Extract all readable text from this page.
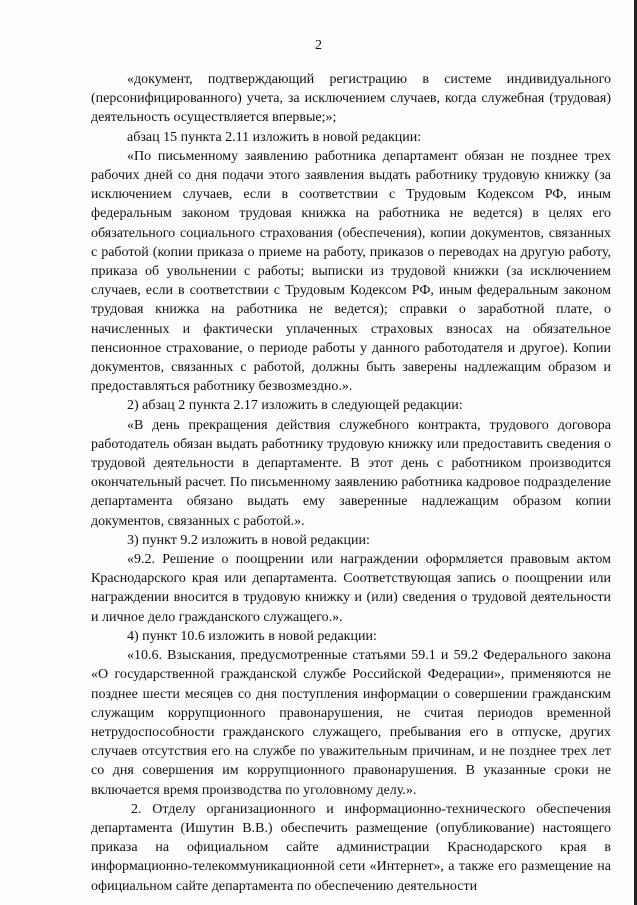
2

«документ, подтверждающий регистрацию в системе индивидуального (персонифицированного) учета, за исключением случаев, когда служебная (трудовая) деятельность осуществляется впервые;»;

абзац 15 пункта 2.11 изложить в новой редакции:

«По письменному заявлению работника департамент обязан не позднее трех рабочих дней со дня подачи этого заявления выдать работнику трудовую книжку (за исключением случаев, если в соответствии с Трудовым Кодексом РФ, иным федеральным законом трудовая книжка на работника не ведется) в целях его обязательного социального страхования (обеспечения), копии документов, связанных с работой (копии приказа о приеме на работу, приказов о переводах на другую работу, приказа об увольнении с работы; выписки из трудовой книжки (за исключением случаев, если в соответствии с Трудовым Кодексом РФ, иным федеральным законом трудовая книжка на работника не ведется); справки о заработной плате, о начисленных и фактически уплаченных страховых взносах на обязательное пенсионное страхование, о периоде работы у данного работодателя и другое). Копии документов, связанных с работой, должны быть заверены надлежащим образом и предоставляться работнику безвозмездно.».

2) абзац 2 пункта 2.17 изложить в следующей редакции:

«В день прекращения действия служебного контракта, трудового договора работодатель обязан выдать работнику трудовую книжку или предоставить сведения о трудовой деятельности в департаменте. В этот день с работником производится окончательный расчет. По письменному заявлению работника кадровое подразделение департамента обязано выдать ему заверенные надлежащим образом копии документов, связанных с работой.».

3) пункт 9.2 изложить в новой редакции:

«9.2. Решение о поощрении или награждении оформляется правовым актом Краснодарского края или департамента. Соответствующая запись о поощрении или награждении вносится в трудовую книжку и (или) сведения о трудовой деятельности и личное дело гражданского служащего.».

4) пункт 10.6 изложить в новой редакции:

«10.6. Взыскания, предусмотренные статьями 59.1 и 59.2 Федерального закона «О государственной гражданской службе Российской Федерации», применяются не позднее шести месяцев со дня поступления информации о совершении гражданским служащим коррупционного правонарушения, не считая периодов временной нетрудоспособности гражданского служащего, пребывания его в отпуске, других случаев отсутствия его на службе по уважительным причинам, и не позднее трех лет со дня совершения им коррупционного правонарушения. В указанные сроки не включается время производства по уголовному делу.».

2. Отделу организационного и информационно-технического обеспечения департамента (Ишутин В.В.) обеспечить размещение (опубликование) настоящего приказа на официальном сайте администрации Краснодарского края в информационно-телекоммуникационной сети «Интернет», а также его размещение на официальном сайте департамента по обеспечению деятельности
